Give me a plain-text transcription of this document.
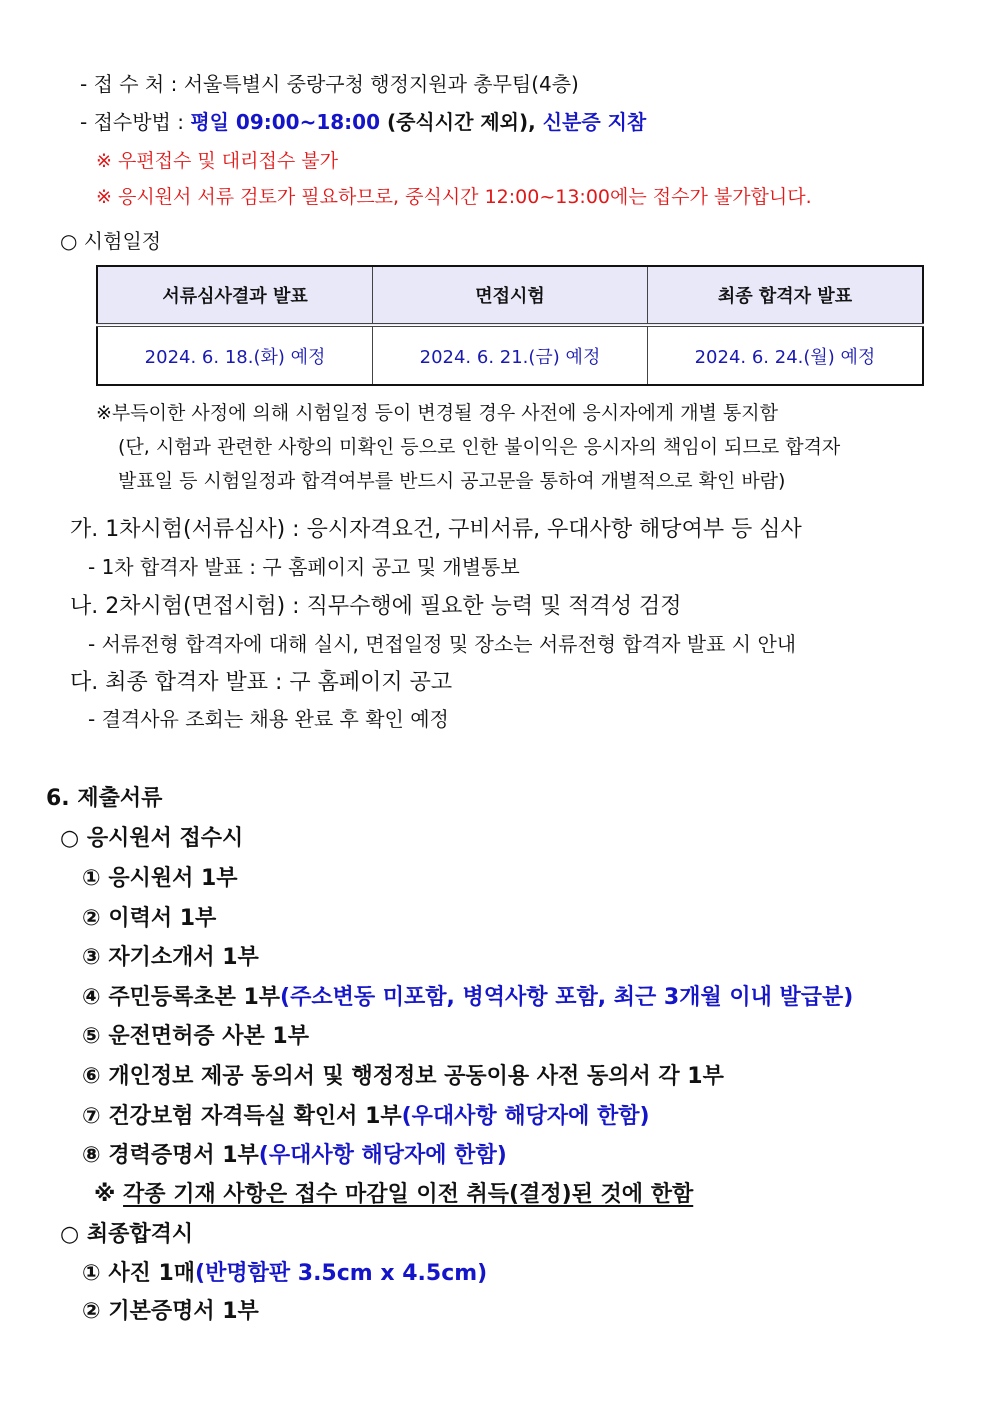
- 접 수 처 : 서울특별시 중랑구청 행정지원과 총무팀(4층)
- 접수방법 : 평일 09:00~18:00 (중식시간 제외), 신분증 지참
※ 우편접수 및 대리접수 불가
※ 응시원서 서류 검토가 필요하므로, 중식시간 12:00~13:00에는 접수가 불가합니다.
○ 시험일정
서류심사결과 발표	면접시험	최종 합격자 발표
2024. 6. 18.(화) 예정	2024. 6. 21.(금) 예정	2024. 6. 24.(월) 예정
※부득이한 사정에 의해 시험일정 등이 변경될 경우 사전에 응시자에게 개별 통지함
(단, 시험과 관련한 사항의 미확인 등으로 인한 불이익은 응시자의 책임이 되므로 합격자
발표일 등 시험일정과 합격여부를 반드시 공고문을 통하여 개별적으로 확인 바람)
가. 1차시험(서류심사) : 응시자격요건, 구비서류, 우대사항 해당여부 등 심사
- 1차 합격자 발표 : 구 홈페이지 공고 및 개별통보
나. 2차시험(면접시험) : 직무수행에 필요한 능력 및 적격성 검정
- 서류전형 합격자에 대해 실시, 면접일정 및 장소는 서류전형 합격자 발표 시 안내
다. 최종 합격자 발표 : 구 홈페이지 공고
- 결격사유 조회는 채용 완료 후 확인 예정
6. 제출서류
○ 응시원서 접수시
① 응시원서 1부
② 이력서 1부
③ 자기소개서 1부
④ 주민등록초본 1부(주소변동 미포함, 병역사항 포함, 최근 3개월 이내 발급분)
⑤ 운전면허증 사본 1부
⑥ 개인정보 제공 동의서 및 행정정보 공동이용 사전 동의서 각 1부
⑦ 건강보험 자격득실 확인서 1부(우대사항 해당자에 한함)
⑧ 경력증명서 1부(우대사항 해당자에 한함)
※ 각종 기재 사항은 접수 마감일 이전 취득(결정)된 것에 한함
○ 최종합격시
① 사진 1매(반명함판 3.5cm x 4.5cm)
② 기본증명서 1부
